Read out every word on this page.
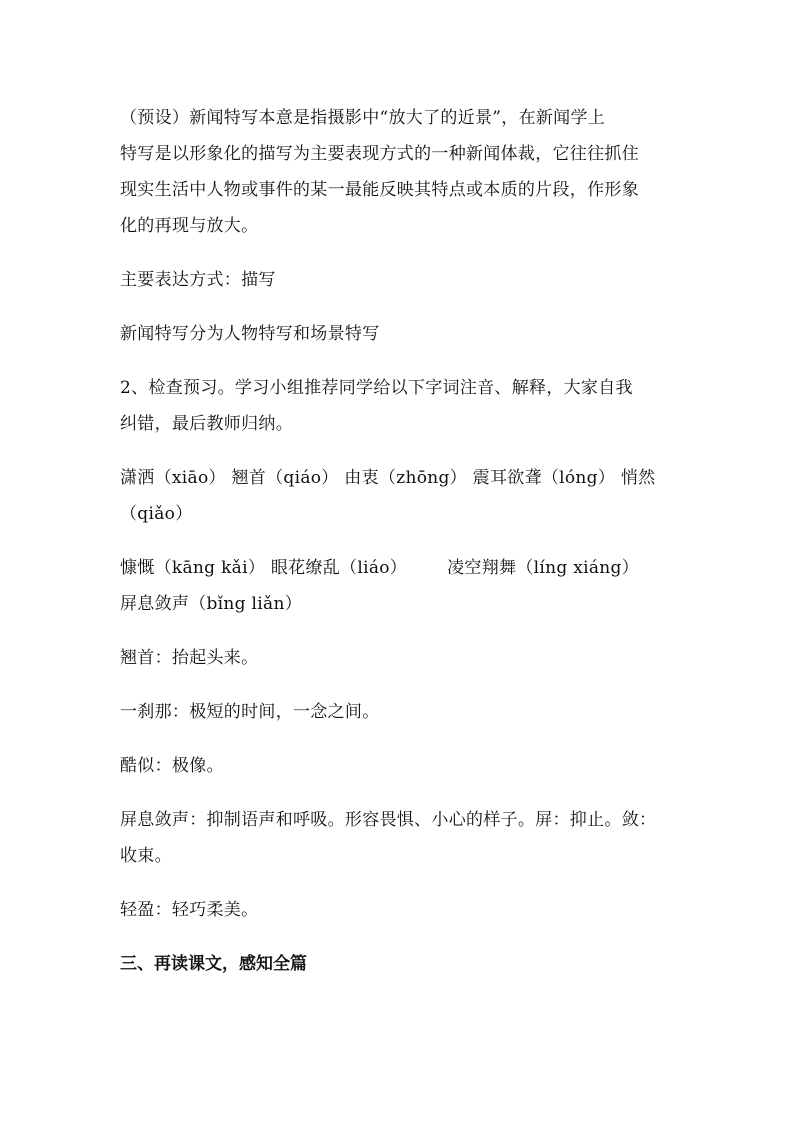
（预设）新闻特写本意是指摄影中“放大了的近景”，在新闻学上
特写是以形象化的描写为主要表现方式的一种新闻体裁，它往往抓住
现实生活中人物或事件的某一最能反映其特点或本质的片段，作形象
化的再现与放大。

主要表达方式：描写

新闻特写分为人物特写和场景特写

2、检查预习。学习小组推荐同学给以下字词注音、解释，大家自我
纠错，最后教师归纳。

潇洒（xiāo） 翘首（qiáo） 由衷（zhōng） 震耳欲聋（lóng） 悄然
（qiǎo）

慷慨（kāng kǎi） 眼花缭乱（liáo） 凌空翔舞（líng xiáng）
屏息敛声（bǐng liǎn）

翘首：抬起头来。

一刹那：极短的时间，一念之间。

酷似：极像。

屏息敛声：抑制语声和呼吸。形容畏惧、小心的样子。屏：抑止。敛：
收束。

轻盈：轻巧柔美。

三、再读课文，感知全篇
